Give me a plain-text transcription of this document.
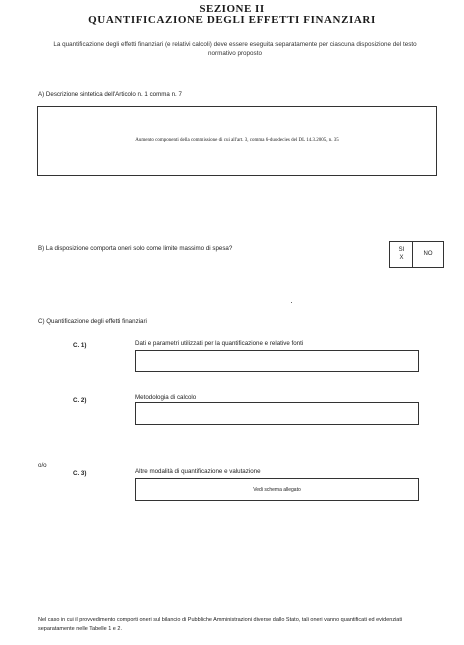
SEZIONE II
QUANTIFICAZIONE DEGLI EFFETTI FINANZIARI
La quantificazione degli effetti finanziari (e relativi calcoli) deve essere eseguita separatamente per ciascuna disposizione del testo normativo proposto
A) Descrizione sintetica dell'Articolo n. 1 comma n. 7
Aumento componenti della commissione di cui all'art. 3, comma 6-duodecies del DL 14.3.2005, n. 35
B) La disposizione comporta oneri solo come limite massimo di spesa?	SI
X
NO
C) Quantificazione degli effetti finanziari
C. 1)	Dati e parametri utilizzati per la quantificazione e relative fonti
C. 2)	Metodologia di calcolo
o/o
C. 3)	Altre modalità di quantificazione e valutazione
Vedi schema allegato
Nel caso in cui il provvedimento comporti oneri sul bilancio di Pubbliche Amministrazioni diverse dallo Stato, tali oneri vanno quantificati ed evidenziati separatamente nelle Tabelle 1 e 2.
